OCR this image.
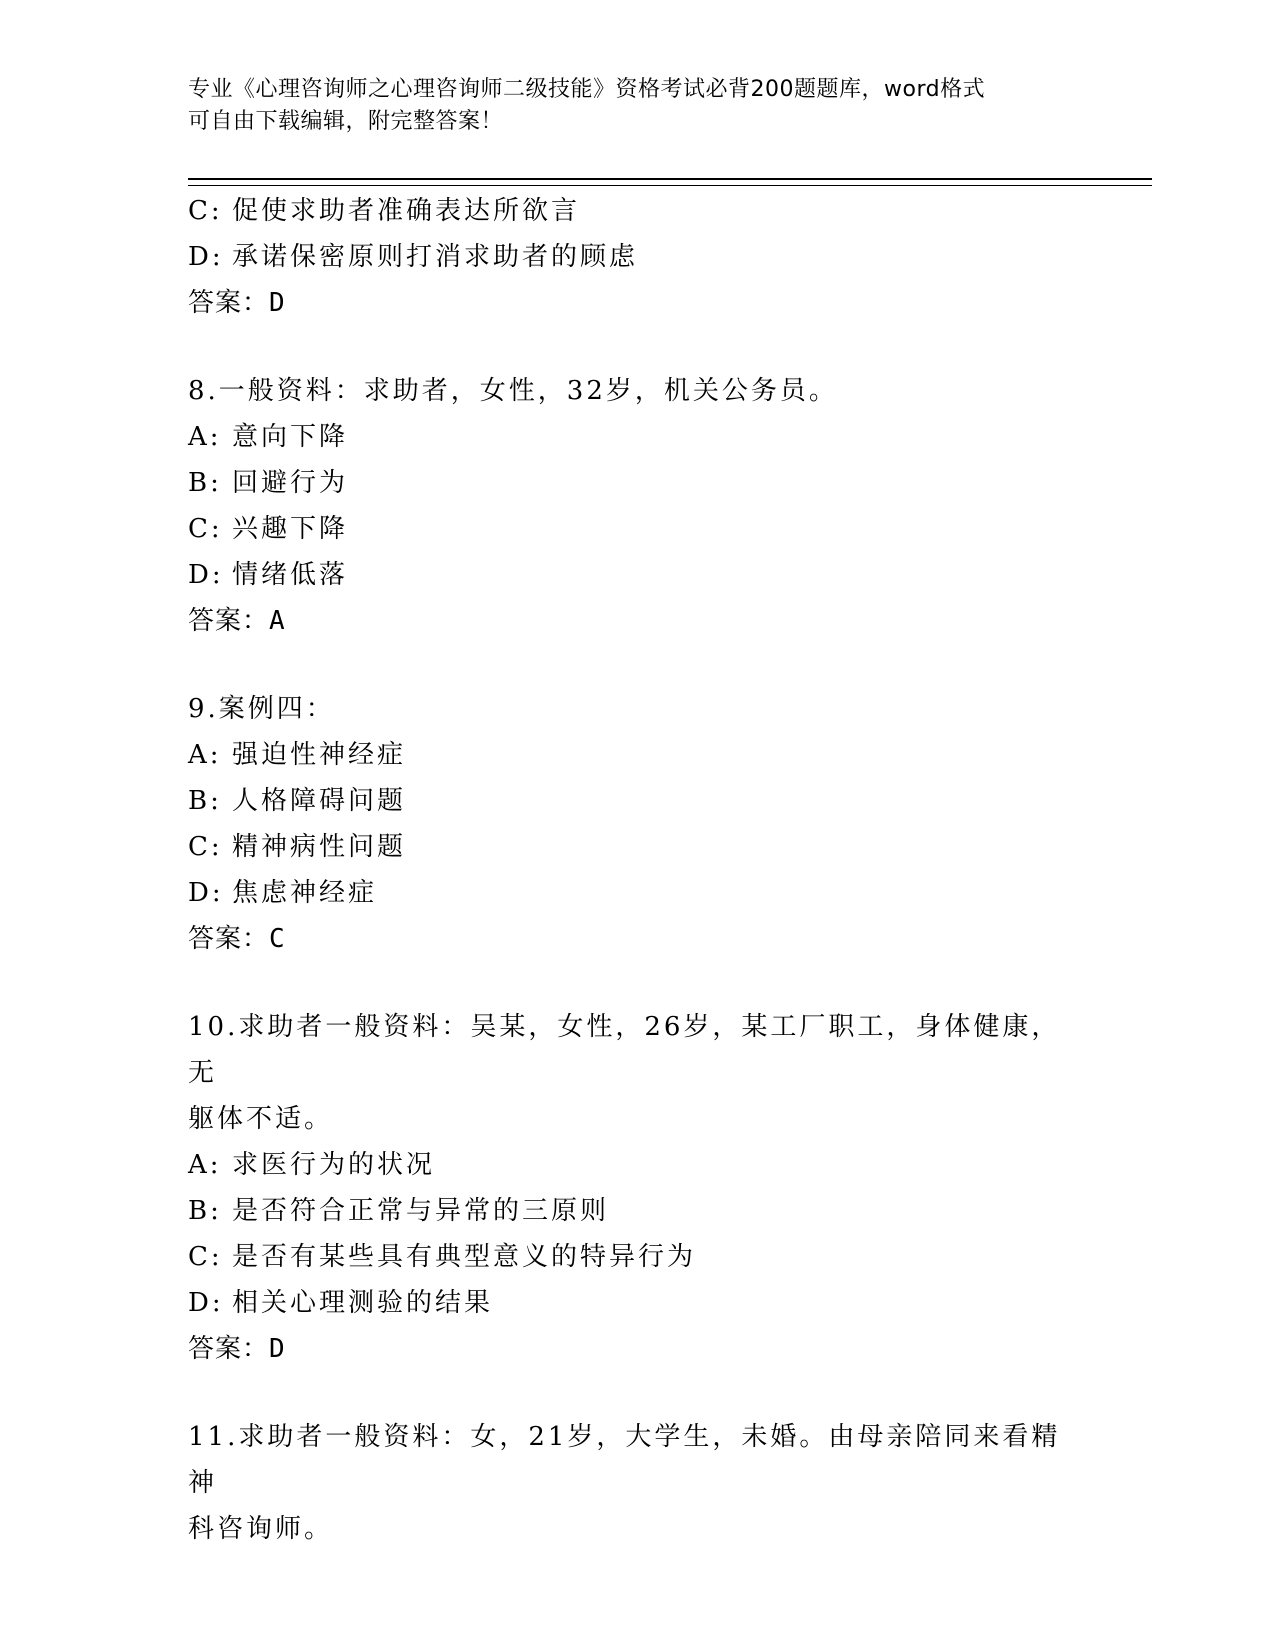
专业《心理咨询师之心理咨询师二级技能》资格考试必背200题题库，word格式
可自由下载编辑，附完整答案！
C: 促使求助者准确表达所欲言
D: 承诺保密原则打消求助者的顾虑
答案：D
8.一般资料：求助者，女性，32岁，机关公务员。
A: 意向下降
B: 回避行为
C: 兴趣下降
D: 情绪低落
答案：A
9.案例四：
A: 强迫性神经症
B: 人格障碍问题
C: 精神病性问题
D: 焦虑神经症
答案：C
10.求助者一般资料：吴某，女性，26岁，某工厂职工，身体健康，无
躯体不适。
A: 求医行为的状况
B: 是否符合正常与异常的三原则
C: 是否有某些具有典型意义的特异行为
D: 相关心理测验的结果
答案：D
11.求助者一般资料：女，21岁，大学生，未婚。由母亲陪同来看精神
科咨询师。
